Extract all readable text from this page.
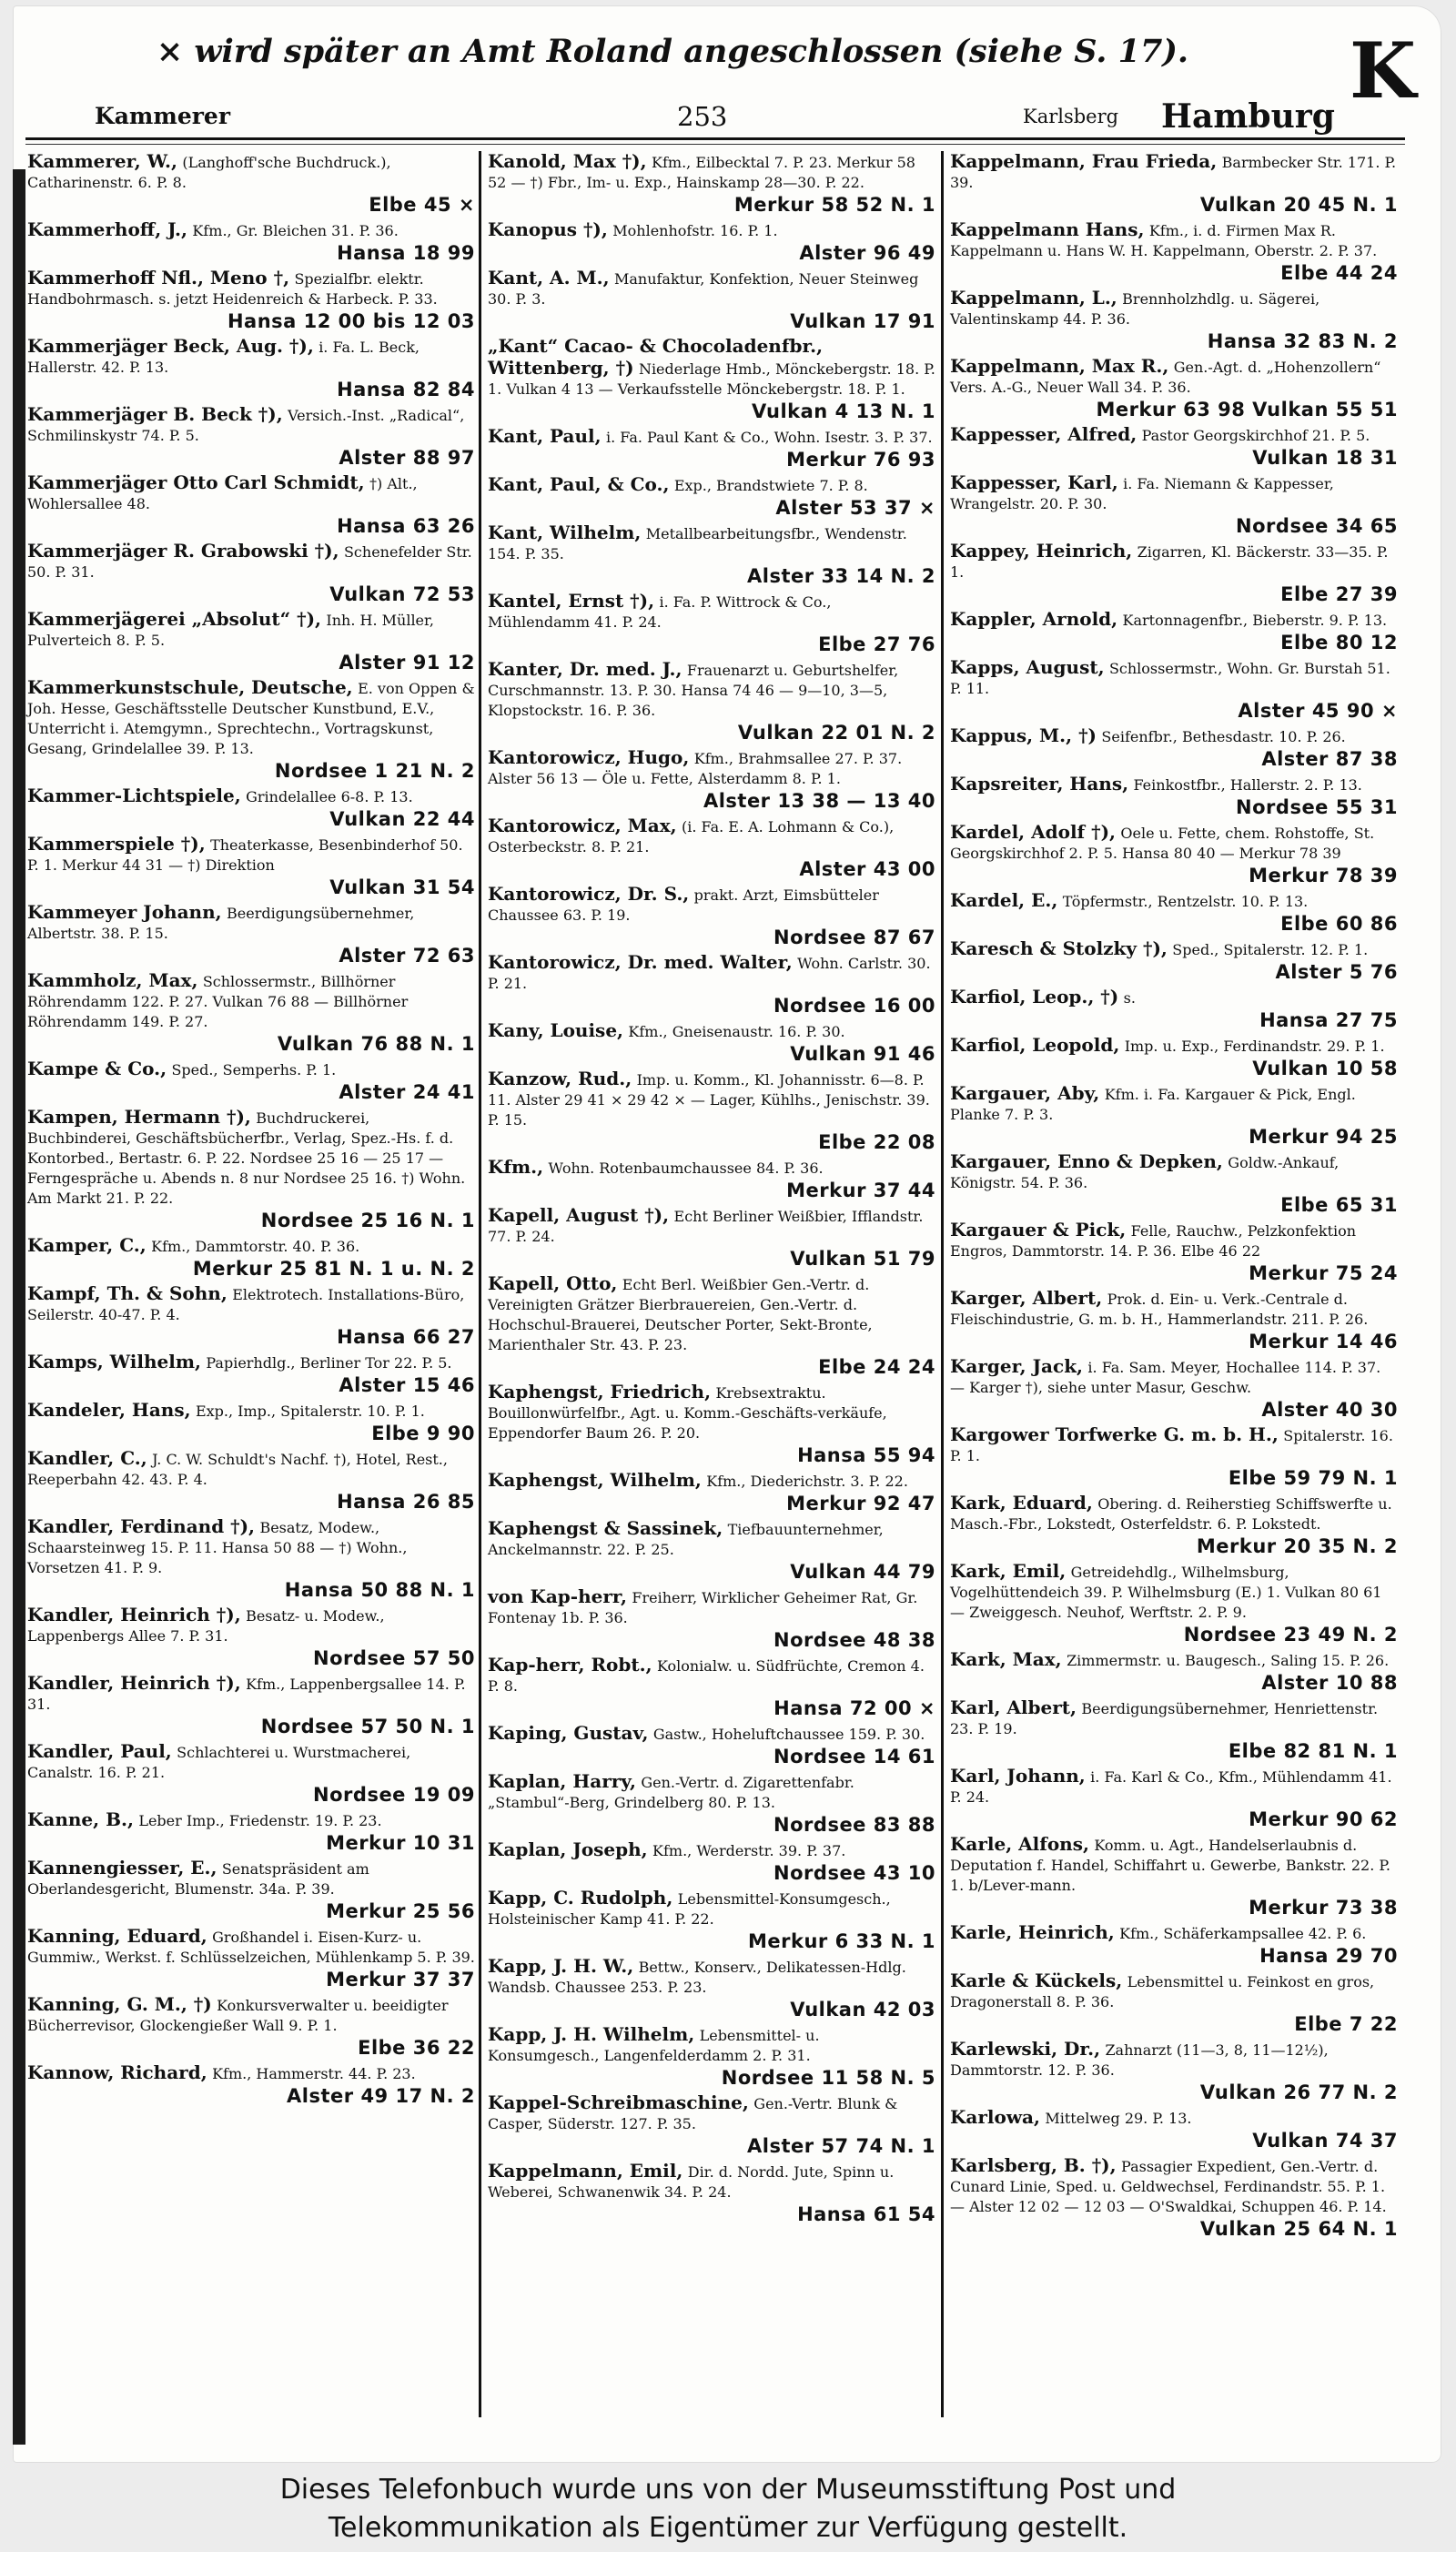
× wird später an Amt Roland angeschlossen (siehe S. 17).	K
Kammerer	253	Karlsberg Hamburg
Kammerer, W., (Langhoff'sche Buchdruck.), Catharinenstr. 6. P. 8.
Elbe 45 ×
Kammerhoff, J., Kfm., Gr. Bleichen 31. P. 36.
Hansa 18 99
Kammerhoff Nfl., Meno †, Spezialfbr. elektr. Handbohrmasch. s. jetzt Heidenreich & Harbeck. P. 33.
Hansa 12 00 bis 12 03
Kammerjäger Beck, Aug. †), i. Fa. L. Beck, Hallerstr. 42. P. 13.
Hansa 82 84
Kammerjäger B. Beck †), Versich.-Inst. „Radical“, Schmilinskystr 74. P. 5.
Alster 88 97
Kammerjäger Otto Carl Schmidt, †) Alt., Wohlersallee 48.
Hansa 63 26
Kammerjäger R. Grabowski †), Schenefelder Str. 50. P. 31.
Vulkan 72 53
Kammerjägerei „Absolut“ †), Inh. H. Müller, Pulverteich 8. P. 5.
Alster 91 12
Kammerkunstschule, Deutsche, E. von Oppen & Joh. Hesse, Geschäftsstelle Deutscher Kunstbund, E.V., Unterricht i. Atemgymn., Sprechtechn., Vortragskunst, Gesang, Grindelallee 39. P. 13.
Nordsee 1 21 N. 2
Kammer-Lichtspiele, Grindelallee 6-8. P. 13.
Vulkan 22 44
Kammerspiele †), Theaterkasse, Besenbinderhof 50. P. 1. Merkur 44 31 — †) Direktion
Vulkan 31 54
Kammeyer Johann, Beerdigungsübernehmer, Albertstr. 38. P. 15.
Alster 72 63
Kammholz, Max, Schlossermstr., Billhörner Röhrendamm 122. P. 27. Vulkan 76 88 — Billhörner Röhrendamm 149. P. 27.
Vulkan 76 88 N. 1
Kampe & Co., Sped., Semperhs. P. 1.
Alster 24 41
Kampen, Hermann †), Buchdruckerei, Buchbinderei, Geschäftsbücherfbr., Verlag, Spez.-Hs. f. d. Kontorbed., Bertastr. 6. P. 22. Nordsee 25 16 — 25 17 — Ferngespräche u. Abends n. 8 nur Nordsee 25 16. †) Wohn. Am Markt 21. P. 22.
Nordsee 25 16 N. 1
Kamper, C., Kfm., Dammtorstr. 40. P. 36.
Merkur 25 81 N. 1 u. N. 2
Kampf, Th. & Sohn, Elektrotech. Installations-Büro, Seilerstr. 40-47. P. 4.
Hansa 66 27
Kamps, Wilhelm, Papierhdlg., Berliner Tor 22. P. 5.
Alster 15 46
Kandeler, Hans, Exp., Imp., Spitalerstr. 10. P. 1.
Elbe 9 90
Kandler, C., J. C. W. Schuldt's Nachf. †), Hotel, Rest., Reeperbahn 42. 43. P. 4.
Hansa 26 85
Kandler, Ferdinand †), Besatz, Modew., Schaarsteinweg 15. P. 11. Hansa 50 88 — †) Wohn., Vorsetzen 41. P. 9.
Hansa 50 88 N. 1
Kandler, Heinrich †), Besatz- u. Modew., Lappenbergs Allee 7. P. 31.
Nordsee 57 50
Kandler, Heinrich †), Kfm., Lappenbergsallee 14. P. 31.
Nordsee 57 50 N. 1
Kandler, Paul, Schlachterei u. Wurstmacherei, Canalstr. 16. P. 21.
Nordsee 19 09
Kanne, B., Leber Imp., Friedenstr. 19. P. 23.
Merkur 10 31
Kannengiesser, E., Senatspräsident am Oberlandesgericht, Blumenstr. 34a. P. 39.
Merkur 25 56
Kanning, Eduard, Großhandel i. Eisen-Kurz- u. Gummiw., Werkst. f. Schlüsselzeichen, Mühlenkamp 5. P. 39.
Merkur 37 37
Kanning, G. M., †) Konkursverwalter u. beeidigter Bücherrevisor, Glockengießer Wall 9. P. 1.
Elbe 36 22
Kannow, Richard, Kfm., Hammerstr. 44. P. 23.
Alster 49 17 N. 2
Kanold, Max †), Kfm., Eilbecktal 7. P. 23. Merkur 58 52 — †) Fbr., Im- u. Exp., Hainskamp 28—30. P. 22.
Merkur 58 52 N. 1
Kanopus †), Mohlenhofstr. 16. P. 1.
Alster 96 49
Kant, A. M., Manufaktur, Konfektion, Neuer Steinweg 30. P. 3.
Vulkan 17 91
„Kant“ Cacao- & Chocoladenfbr., Wittenberg, †) Niederlage Hmb., Mönckebergstr. 18. P. 1. Vulkan 4 13 — Verkaufsstelle Mönckebergstr. 18. P. 1.
Vulkan 4 13 N. 1
Kant, Paul, i. Fa. Paul Kant & Co., Wohn. Isestr. 3. P. 37.
Merkur 76 93
Kant, Paul, & Co., Exp., Brandstwiete 7. P. 8.
Alster 53 37 ×
Kant, Wilhelm, Metallbearbeitungsfbr., Wendenstr. 154. P. 35.
Alster 33 14 N. 2
Kantel, Ernst †), i. Fa. P. Wittrock & Co., Mühlendamm 41. P. 24.
Elbe 27 76
Kanter, Dr. med. J., Frauenarzt u. Geburtshelfer, Curschmannstr. 13. P. 30. Hansa 74 46 — 9—10, 3—5, Klopstockstr. 16. P. 36.
Vulkan 22 01 N. 2
Kantorowicz, Hugo, Kfm., Brahmsallee 27. P. 37. Alster 56 13 — Öle u. Fette, Alsterdamm 8. P. 1.
Alster 13 38 — 13 40
Kantorowicz, Max, (i. Fa. E. A. Lohmann & Co.), Osterbeckstr. 8. P. 21.
Alster 43 00
Kantorowicz, Dr. S., prakt. Arzt, Eimsbütteler Chaussee 63. P. 19.
Nordsee 87 67
Kantorowicz, Dr. med. Walter, Wohn. Carlstr. 30. P. 21.
Nordsee 16 00
Kany, Louise, Kfm., Gneisenaustr. 16. P. 30.
Vulkan 91 46
Kanzow, Rud., Imp. u. Komm., Kl. Johannisstr. 6—8. P. 11. Alster 29 41 × 29 42 × — Lager, Kühlhs., Jenischstr. 39. P. 15.
Elbe 22 08
Kfm., Wohn. Rotenbaumchaussee 84. P. 36.
Merkur 37 44
Kapell, August †), Echt Berliner Weißbier, Ifflandstr. 77. P. 24.
Vulkan 51 79
Kapell, Otto, Echt Berl. Weißbier Gen.-Vertr. d. Vereinigten Grätzer Bierbrauereien, Gen.-Vertr. d. Hochschul-Brauerei, Deutscher Porter, Sekt-Bronte, Marienthaler Str. 43. P. 23.
Elbe 24 24
Kaphengst, Friedrich, Krebsextraktu. Bouillonwürfelfbr., Agt. u. Komm.-Geschäfts-verkäufe, Eppendorfer Baum 26. P. 20.
Hansa 55 94
Kaphengst, Wilhelm, Kfm., Diederichstr. 3. P. 22.
Merkur 92 47
Kaphengst & Sassinek, Tiefbauunternehmer, Anckelmannstr. 22. P. 25.
Vulkan 44 79
von Kap-herr, Freiherr, Wirklicher Geheimer Rat, Gr. Fontenay 1b. P. 36.
Nordsee 48 38
Kap-herr, Robt., Kolonialw. u. Südfrüchte, Cremon 4. P. 8.
Hansa 72 00 ×
Kaping, Gustav, Gastw., Hoheluftchaussee 159. P. 30.
Nordsee 14 61
Kaplan, Harry, Gen.-Vertr. d. Zigarettenfabr. „Stambul“-Berg, Grindelberg 80. P. 13.
Nordsee 83 88
Kaplan, Joseph, Kfm., Werderstr. 39. P. 37.
Nordsee 43 10
Kapp, C. Rudolph, Lebensmittel-Konsumgesch., Holsteinischer Kamp 41. P. 22.
Merkur 6 33 N. 1
Kapp, J. H. W., Bettw., Konserv., Delikatessen-Hdlg. Wandsb. Chaussee 253. P. 23.
Vulkan 42 03
Kapp, J. H. Wilhelm, Lebensmittel- u. Konsumgesch., Langenfelderdamm 2. P. 31.
Nordsee 11 58 N. 5
Kappel-Schreibmaschine, Gen.-Vertr. Blunk & Casper, Süderstr. 127. P. 35.
Alster 57 74 N. 1
Kappelmann, Emil, Dir. d. Nordd. Jute, Spinn u. Weberei, Schwanenwik 34. P. 24.
Hansa 61 54
Kappelmann, Frau Frieda, Barmbecker Str. 171. P. 39.
Vulkan 20 45 N. 1
Kappelmann Hans, Kfm., i. d. Firmen Max R. Kappelmann u. Hans W. H. Kappelmann, Oberstr. 2. P. 37.
Elbe 44 24
Kappelmann, L., Brennholzhdlg. u. Sägerei, Valentinskamp 44. P. 36.
Hansa 32 83 N. 2
Kappelmann, Max R., Gen.-Agt. d. „Hohenzollern“ Vers. A.-G., Neuer Wall 34. P. 36.
Merkur 63 98 Vulkan 55 51
Kappesser, Alfred, Pastor Georgskirchhof 21. P. 5.
Vulkan 18 31
Kappesser, Karl, i. Fa. Niemann & Kappesser, Wrangelstr. 20. P. 30.
Nordsee 34 65
Kappey, Heinrich, Zigarren, Kl. Bäckerstr. 33—35. P. 1.
Elbe 27 39
Kappler, Arnold, Kartonnagenfbr., Bieberstr. 9. P. 13.
Elbe 80 12
Kapps, August, Schlossermstr., Wohn. Gr. Burstah 51. P. 11.
Alster 45 90 ×
Kappus, M., †) Seifenfbr., Bethesdastr. 10. P. 26.
Alster 87 38
Kapsreiter, Hans, Feinkostfbr., Hallerstr. 2. P. 13.
Nordsee 55 31
Kardel, Adolf †), Oele u. Fette, chem. Rohstoffe, St. Georgskirchhof 2. P. 5. Hansa 80 40 — Merkur 78 39
Merkur 78 39
Kardel, E., Töpfermstr., Rentzelstr. 10. P. 13.
Elbe 60 86
Karesch & Stolzky †), Sped., Spitalerstr. 12. P. 1.
Alster 5 76
Karfiol, Leop., †) s.
Hansa 27 75
Karfiol, Leopold, Imp. u. Exp., Ferdinandstr. 29. P. 1.
Vulkan 10 58
Kargauer, Aby, Kfm. i. Fa. Kargauer & Pick, Engl. Planke 7. P. 3.
Merkur 94 25
Kargauer, Enno & Depken, Goldw.-Ankauf, Königstr. 54. P. 36.
Elbe 65 31
Kargauer & Pick, Felle, Rauchw., Pelzkonfektion Engros, Dammtorstr. 14. P. 36. Elbe 46 22
Merkur 75 24
Karger, Albert, Prok. d. Ein- u. Verk.-Centrale d. Fleischindustrie, G. m. b. H., Hammerlandstr. 211. P. 26.
Merkur 14 46
Karger, Jack, i. Fa. Sam. Meyer, Hochallee 114. P. 37. — Karger †), siehe unter Masur, Geschw.
Alster 40 30
Kargower Torfwerke G. m. b. H., Spitalerstr. 16. P. 1.
Elbe 59 79 N. 1
Kark, Eduard, Obering. d. Reiherstieg Schiffswerfte u. Masch.-Fbr., Lokstedt, Osterfeldstr. 6. P. Lokstedt.
Merkur 20 35 N. 2
Kark, Emil, Getreidehdlg., Wilhelmsburg, Vogelhüttendeich 39. P. Wilhelmsburg (E.) 1. Vulkan 80 61 — Zweiggesch. Neuhof, Werftstr. 2. P. 9.
Nordsee 23 49 N. 2
Kark, Max, Zimmermstr. u. Baugesch., Saling 15. P. 26.
Alster 10 88
Karl, Albert, Beerdigungsübernehmer, Henriettenstr. 23. P. 19.
Elbe 82 81 N. 1
Karl, Johann, i. Fa. Karl & Co., Kfm., Mühlendamm 41. P. 24.
Merkur 90 62
Karle, Alfons, Komm. u. Agt., Handelserlaubnis d. Deputation f. Handel, Schiffahrt u. Gewerbe, Bankstr. 22. P. 1. b/Lever-mann.
Merkur 73 38
Karle, Heinrich, Kfm., Schäferkampsallee 42. P. 6.
Hansa 29 70
Karle & Kückels, Lebensmittel u. Feinkost en gros, Dragonerstall 8. P. 36.
Elbe 7 22
Karlewski, Dr., Zahnarzt (11—3, 8, 11—12½), Dammtorstr. 12. P. 36.
Vulkan 26 77 N. 2
Karlowa, Mittelweg 29. P. 13.
Vulkan 74 37
Karlsberg, B. †), Passagier Expedient, Gen.-Vertr. d. Cunard Linie, Sped. u. Geldwechsel, Ferdinandstr. 55. P. 1. — Alster 12 02 — 12 03 — O'Swaldkai, Schuppen 46. P. 14.
Vulkan 25 64 N. 1
Dieses Telefonbuch wurde uns von der Museumsstiftung Post und
Telekommunikation als Eigentümer zur Verfügung gestellt.
